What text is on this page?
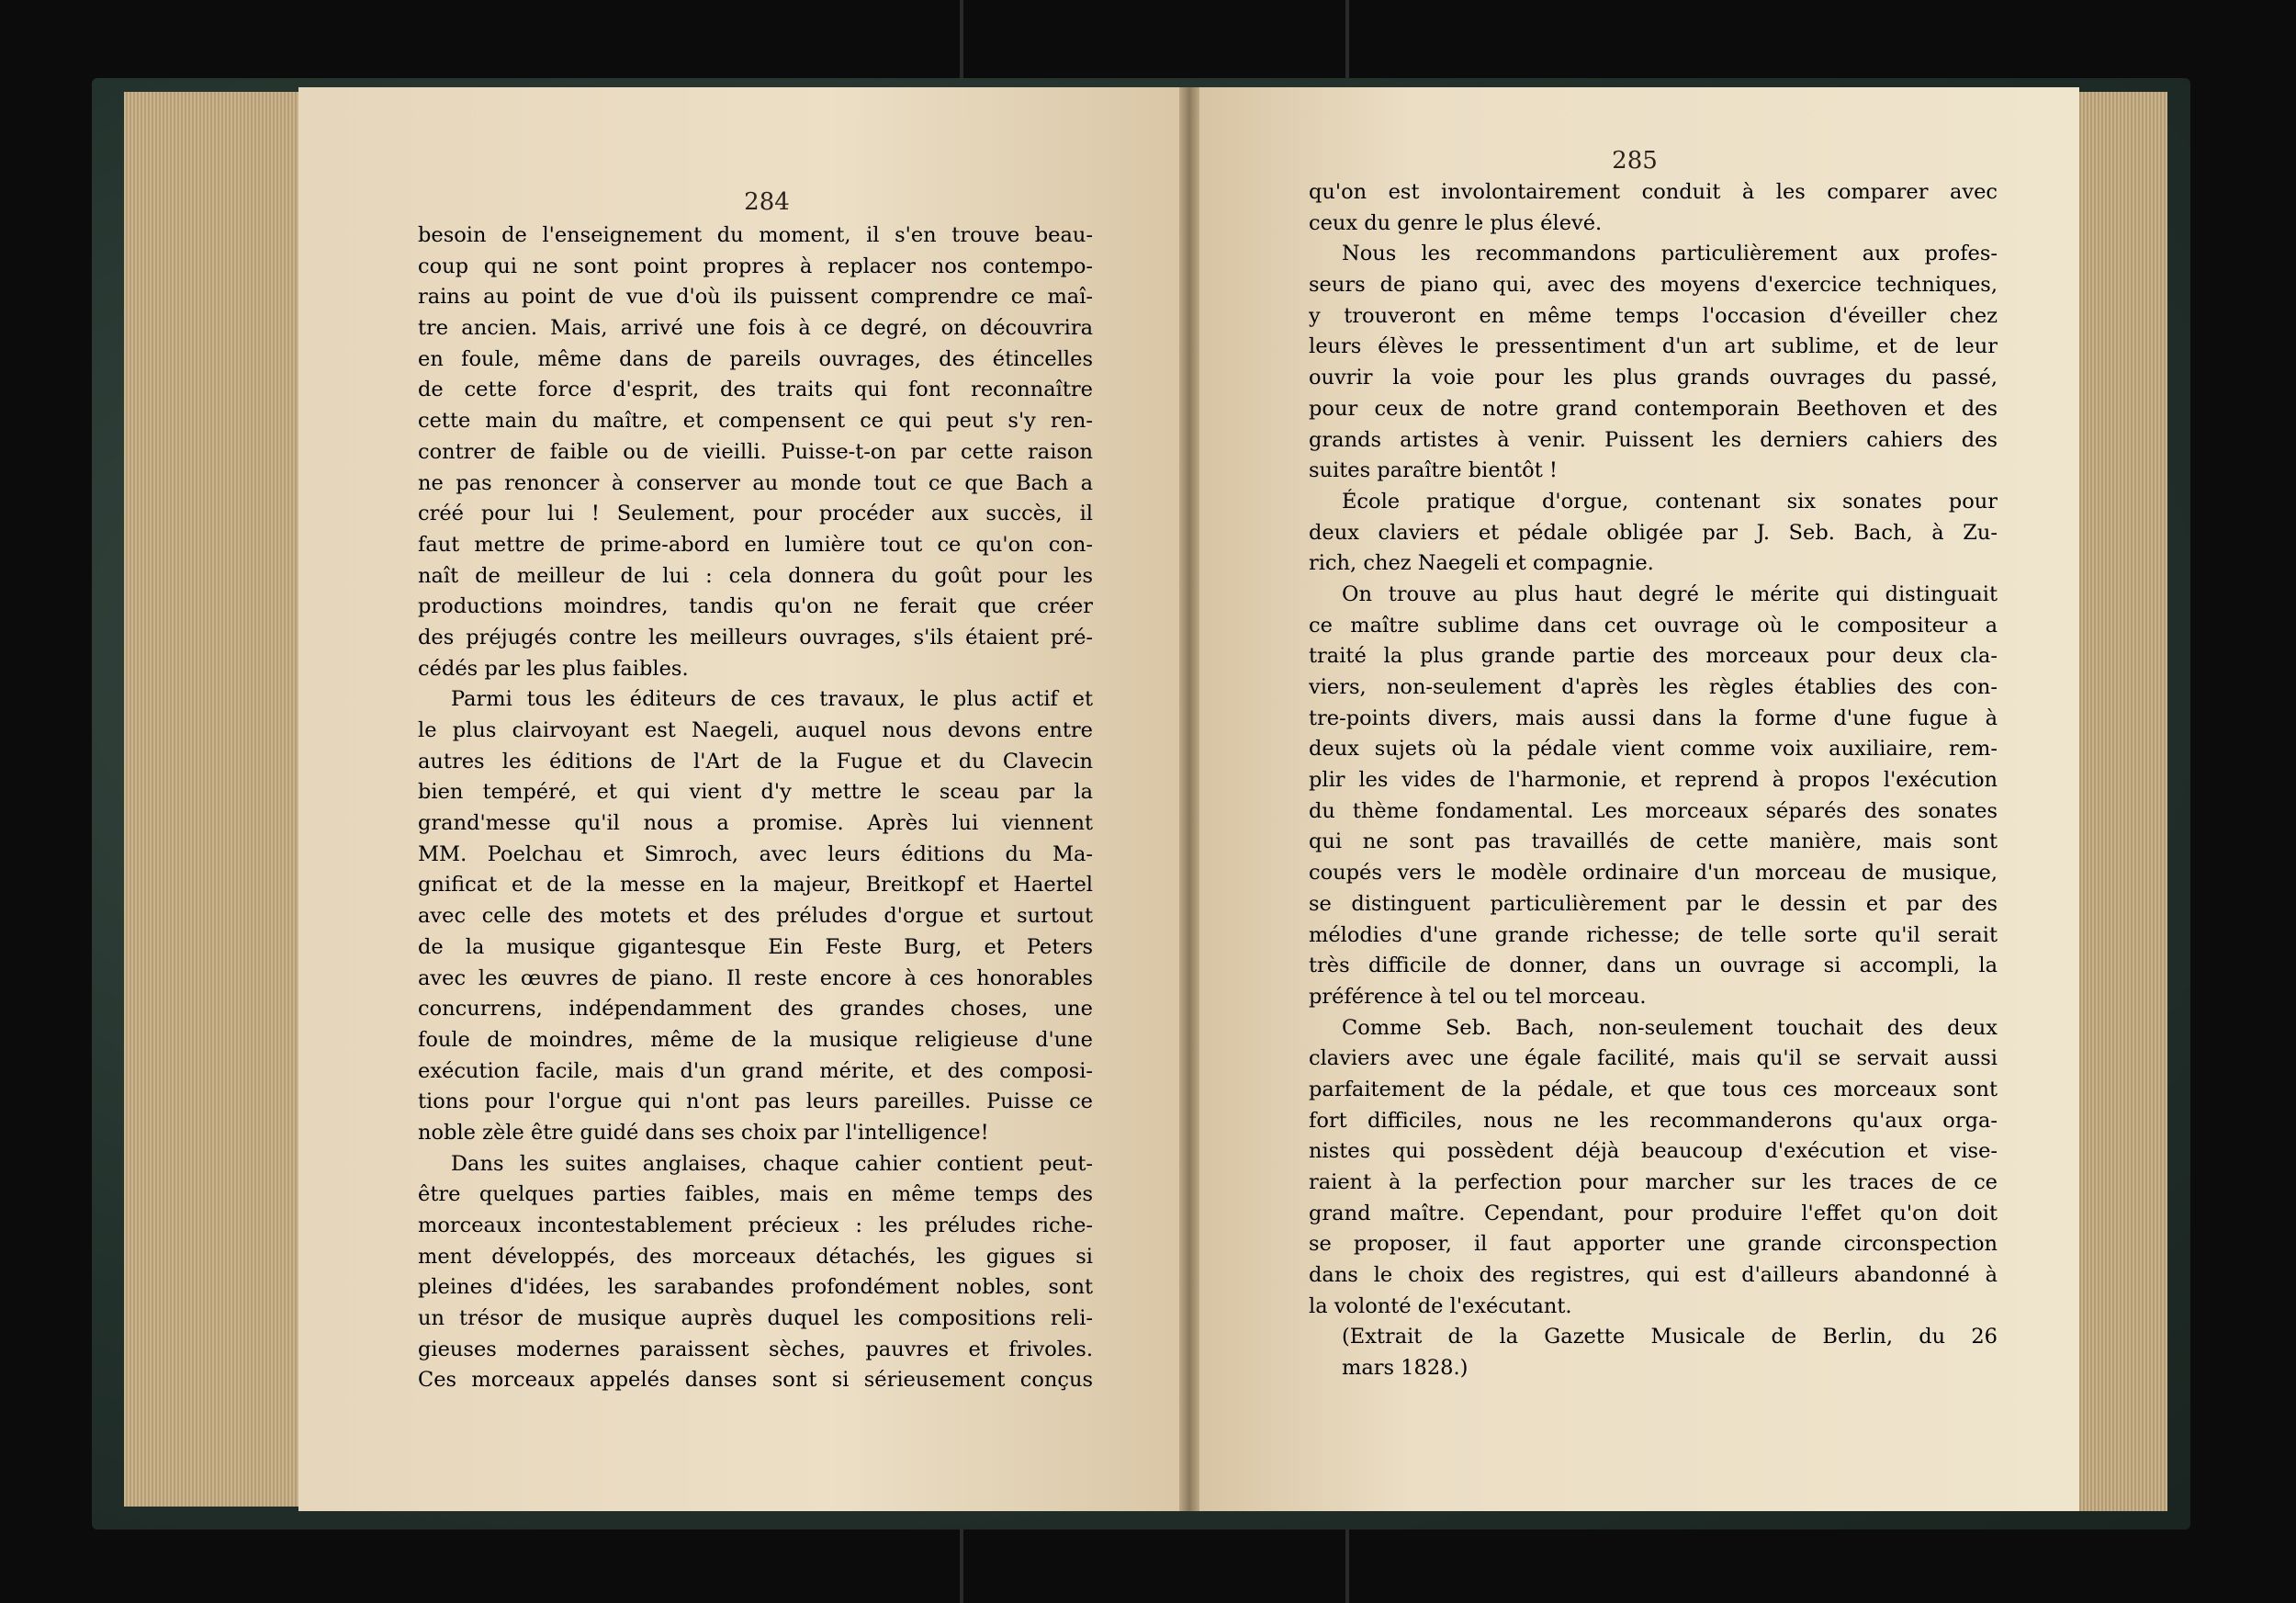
284
285
besoin de l'enseignement du moment, il s'en trouve beau-
coup qui ne sont point propres à replacer nos contempo-
rains au point de vue d'où ils puissent comprendre ce maî-
tre ancien. Mais, arrivé une fois à ce degré, on découvrira
en foule, même dans de pareils ouvrages, des étincelles
de cette force d'esprit, des traits qui font reconnaître
cette main du maître, et compensent ce qui peut s'y ren-
contrer de faible ou de vieilli. Puisse-t-on par cette raison
ne pas renoncer à conserver au monde tout ce que Bach a
créé pour lui ! Seulement, pour procéder aux succès, il
faut mettre de prime-abord en lumière tout ce qu'on con-
naît de meilleur de lui : cela donnera du goût pour les
productions moindres, tandis qu'on ne ferait que créer
des préjugés contre les meilleurs ouvrages, s'ils étaient pré-
cédés par les plus faibles.
Parmi tous les éditeurs de ces travaux, le plus actif et
le plus clairvoyant est Naegeli, auquel nous devons entre
autres les éditions de l'Art de la Fugue et du Clavecin
bien tempéré, et qui vient d'y mettre le sceau par la
grand'messe qu'il nous a promise. Après lui viennent
MM. Poelchau et Simroch, avec leurs éditions du Ma-
gnificat et de la messe en la majeur, Breitkopf et Haertel
avec celle des motets et des préludes d'orgue et surtout
de la musique gigantesque Ein Feste Burg, et Peters
avec les œuvres de piano. Il reste encore à ces honorables
concurrens, indépendamment des grandes choses, une
foule de moindres, même de la musique religieuse d'une
exécution facile, mais d'un grand mérite, et des composi-
tions pour l'orgue qui n'ont pas leurs pareilles. Puisse ce
noble zèle être guidé dans ses choix par l'intelligence!
Dans les suites anglaises, chaque cahier contient peut-
être quelques parties faibles, mais en même temps des
morceaux incontestablement précieux : les préludes riche-
ment développés, des morceaux détachés, les gigues si
pleines d'idées, les sarabandes profondément nobles, sont
un trésor de musique auprès duquel les compositions reli-
gieuses modernes paraissent sèches, pauvres et frivoles.
Ces morceaux appelés danses sont si sérieusement conçus
qu'on est involontairement conduit à les comparer avec
ceux du genre le plus élevé.
Nous les recommandons particulièrement aux profes-
seurs de piano qui, avec des moyens d'exercice techniques,
y trouveront en même temps l'occasion d'éveiller chez
leurs élèves le pressentiment d'un art sublime, et de leur
ouvrir la voie pour les plus grands ouvrages du passé,
pour ceux de notre grand contemporain Beethoven et des
grands artistes à venir. Puissent les derniers cahiers des
suites paraître bientôt !
École pratique d'orgue, contenant six sonates pour
deux claviers et pédale obligée par J. Seb. Bach, à Zu-
rich, chez Naegeli et compagnie.
On trouve au plus haut degré le mérite qui distinguait
ce maître sublime dans cet ouvrage où le compositeur a
traité la plus grande partie des morceaux pour deux cla-
viers, non-seulement d'après les règles établies des con-
tre-points divers, mais aussi dans la forme d'une fugue à
deux sujets où la pédale vient comme voix auxiliaire, rem-
plir les vides de l'harmonie, et reprend à propos l'exécution
du thème fondamental. Les morceaux séparés des sonates
qui ne sont pas travaillés de cette manière, mais sont
coupés vers le modèle ordinaire d'un morceau de musique,
se distinguent particulièrement par le dessin et par des
mélodies d'une grande richesse; de telle sorte qu'il serait
très difficile de donner, dans un ouvrage si accompli, la
préférence à tel ou tel morceau.
Comme Seb. Bach, non-seulement touchait des deux
claviers avec une égale facilité, mais qu'il se servait aussi
parfaitement de la pédale, et que tous ces morceaux sont
fort difficiles, nous ne les recommanderons qu'aux orga-
nistes qui possèdent déjà beaucoup d'exécution et vise-
raient à la perfection pour marcher sur les traces de ce
grand maître. Cependant, pour produire l'effet qu'on doit
se proposer, il faut apporter une grande circonspection
dans le choix des registres, qui est d'ailleurs abandonné à
la volonté de l'exécutant.
(Extrait de la Gazette Musicale de Berlin, du 26
mars 1828.)
